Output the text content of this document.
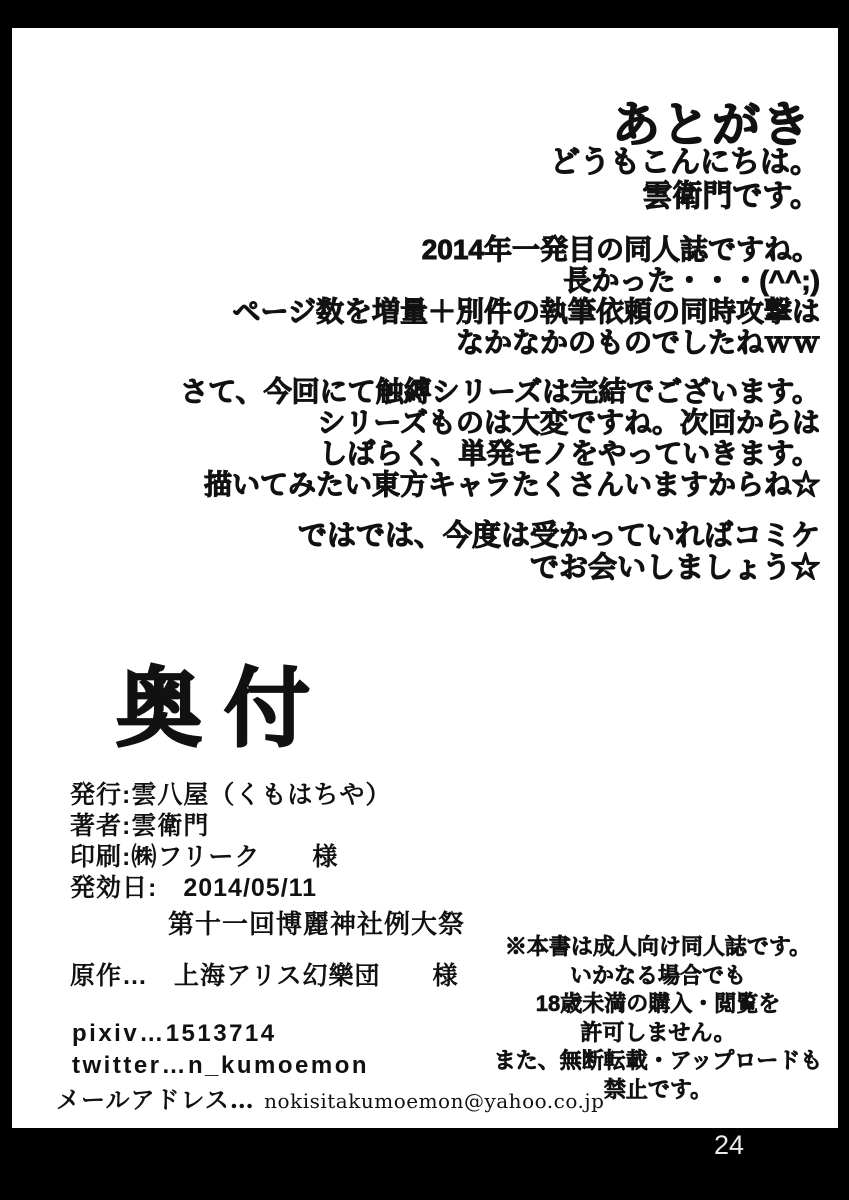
あとがき
どうもこんにちは。
雲衛門です。
2014年一発目の同人誌ですね。
長かった・・・(^^;)
ページ数を増量＋別件の執筆依頼の同時攻撃は
なかなかのものでしたねｗｗ
さて、今回にて触縛シリーズは完結でございます。
シリーズものは大変ですね。次回からは
しばらく、単発モノをやっていきます。
描いてみたい東方キャラたくさんいますからね☆
ではでは、今度は受かっていればコミケ
でお会いしましょう☆
奥付
発行:雲八屋（くもはちや）
著者:雲衛門
印刷:㈱フリーク　　様
発効日:　2014/05/11
第十一回博麗神社例大祭
原作…　上海アリス幻樂団　　様
pixiv…1513714
twitter…n_kumoemon
メールアドレス… nokisitakumoemon@yahoo.co.jp
※本書は成人向け同人誌です。
いかなる場合でも
18歳未満の購入・閲覧を
許可しません。
また、無断転載・アップロードも
禁止です。
24
